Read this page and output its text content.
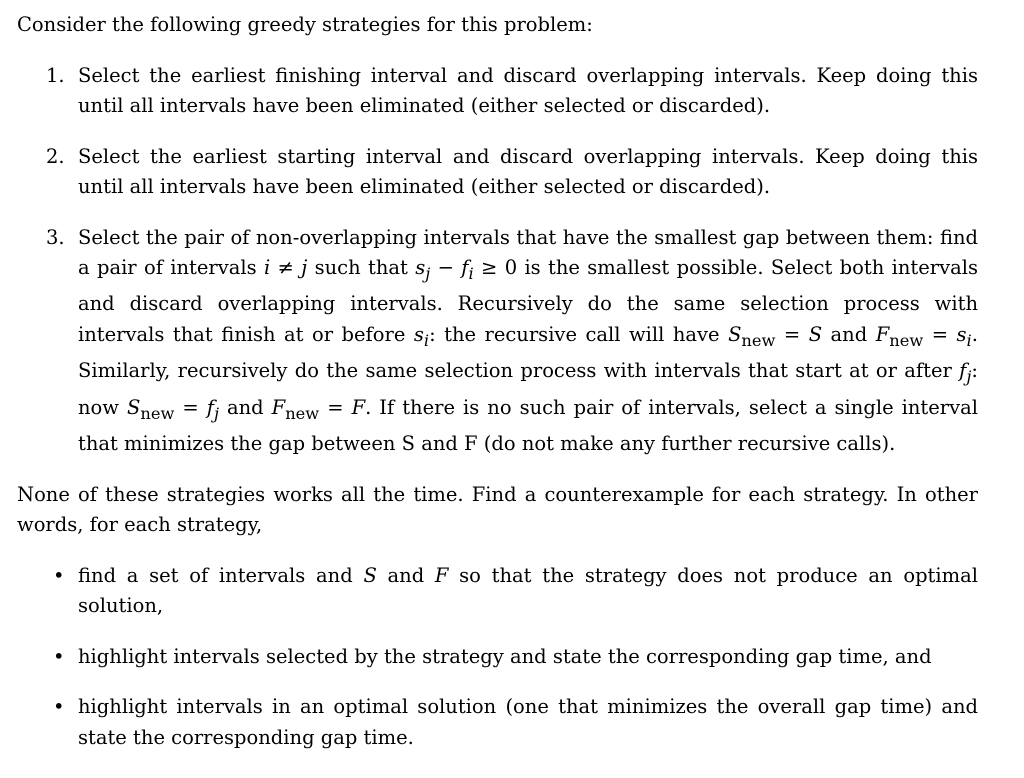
Consider the following greedy strategies for this problem:

1. Select the earliest finishing interval and discard overlapping intervals. Keep doing this until all intervals have been eliminated (either selected or discarded).
2. Select the earliest starting interval and discard overlapping intervals. Keep doing this until all intervals have been eliminated (either selected or discarded).
3. Select the pair of non-overlapping intervals that have the smallest gap between them: find a pair of intervals i ≠ j such that $s_j - f_i \ge 0$ is the smallest possible. Select both intervals and discard overlapping intervals. Recursively do the same selection process with intervals that finish at or before $s_i$: the recursive call will have $S_{new} = S$ and $F_{new} = s_i$. Similarly, recursively do the same selection process with intervals that start at or after $f_j$: now $S_{new} = f_j$ and $F_{new} = F$. If there is no such pair of intervals, select a single interval that minimizes the gap between S and F (do not make any further recursive calls).

None of these strategies works all the time. Find a counterexample for each strategy. In other words, for each strategy,

• find a set of intervals and S and F so that the strategy does not produce an optimal solution,
• highlight intervals selected by the strategy and state the corresponding gap time, and
• highlight intervals in an optimal solution (one that minimizes the overall gap time) and state the corresponding gap time.
